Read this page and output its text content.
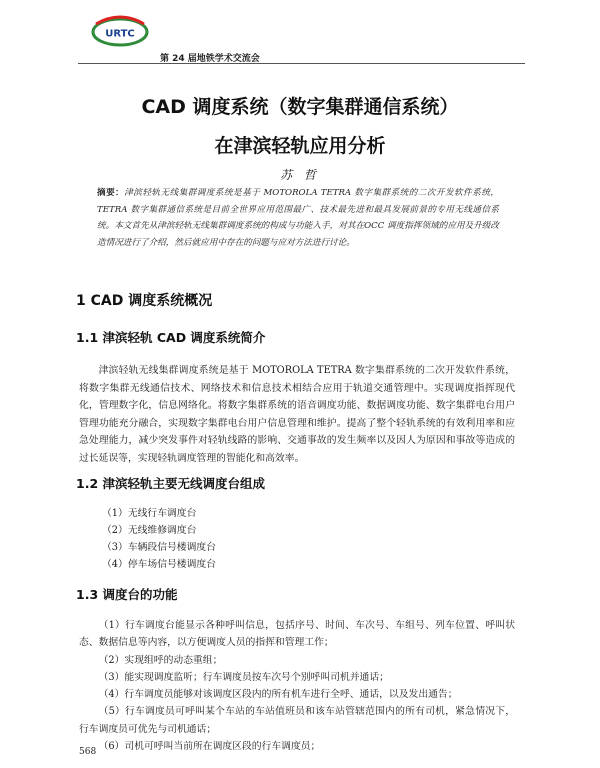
URTC
第 24 届地铁学术交流会
CAD 调度系统（数字集群通信系统）
在津滨轻轨应用分析
苏 哲
摘要：津滨轻轨无线集群调度系统是基于 MOTOROLA TETRA 数字集群系统的二次开发软件系统，TETRA 数字集群通信系统是目前全世界应用范围最广、技术最先进和最具发展前景的专用无线通信系统。本文首先从津滨轻轨无线集群调度系统的构成与功能入手，对其在OCC 调度指挥领域的应用及升级改造情况进行了介绍，然后就应用中存在的问题与应对方法进行讨论。
1 CAD 调度系统概况
1.1 津滨轻轨 CAD 调度系统简介
津滨轻轨无线集群调度系统是基于 MOTOROLA TETRA 数字集群系统的二次开发软件系统，将数字集群无线通信技术、网络技术和信息技术相结合应用于轨道交通管理中。实现调度指挥现代化，管理数字化，信息网络化。将数字集群系统的语音调度功能、数据调度功能、数字集群电台用户管理功能充分融合，实现数字集群电台用户信息管理和维护。提高了整个轻轨系统的有效利用率和应急处理能力，减少突发事件对轻轨线路的影响、交通事故的发生频率以及因人为原因和事故等造成的过长延误等，实现轻轨调度管理的智能化和高效率。
1.2 津滨轻轨主要无线调度台组成
（1）无线行车调度台
（2）无线维修调度台
（3）车辆段信号楼调度台
（4）停车场信号楼调度台
1.3 调度台的功能
（1）行车调度台能显示各种呼叫信息，包括序号、时间、车次号、车组号、列车位置、呼叫状态、数据信息等内容，以方便调度人员的指挥和管理工作；
（2）实现组呼的动态重组；
（3）能实现调度监听；行车调度员按车次号个别呼叫司机并通话；
（4）行车调度员能够对该调度区段内的所有机车进行全呼、通话，以及发出通告；
（5）行车调度员可呼叫某个车站的车站值班员和该车站管辖范围内的所有司机，紧急情况下，行车调度员可优先与司机通话；
（6）司机可呼叫当前所在调度区段的行车调度员；
568
